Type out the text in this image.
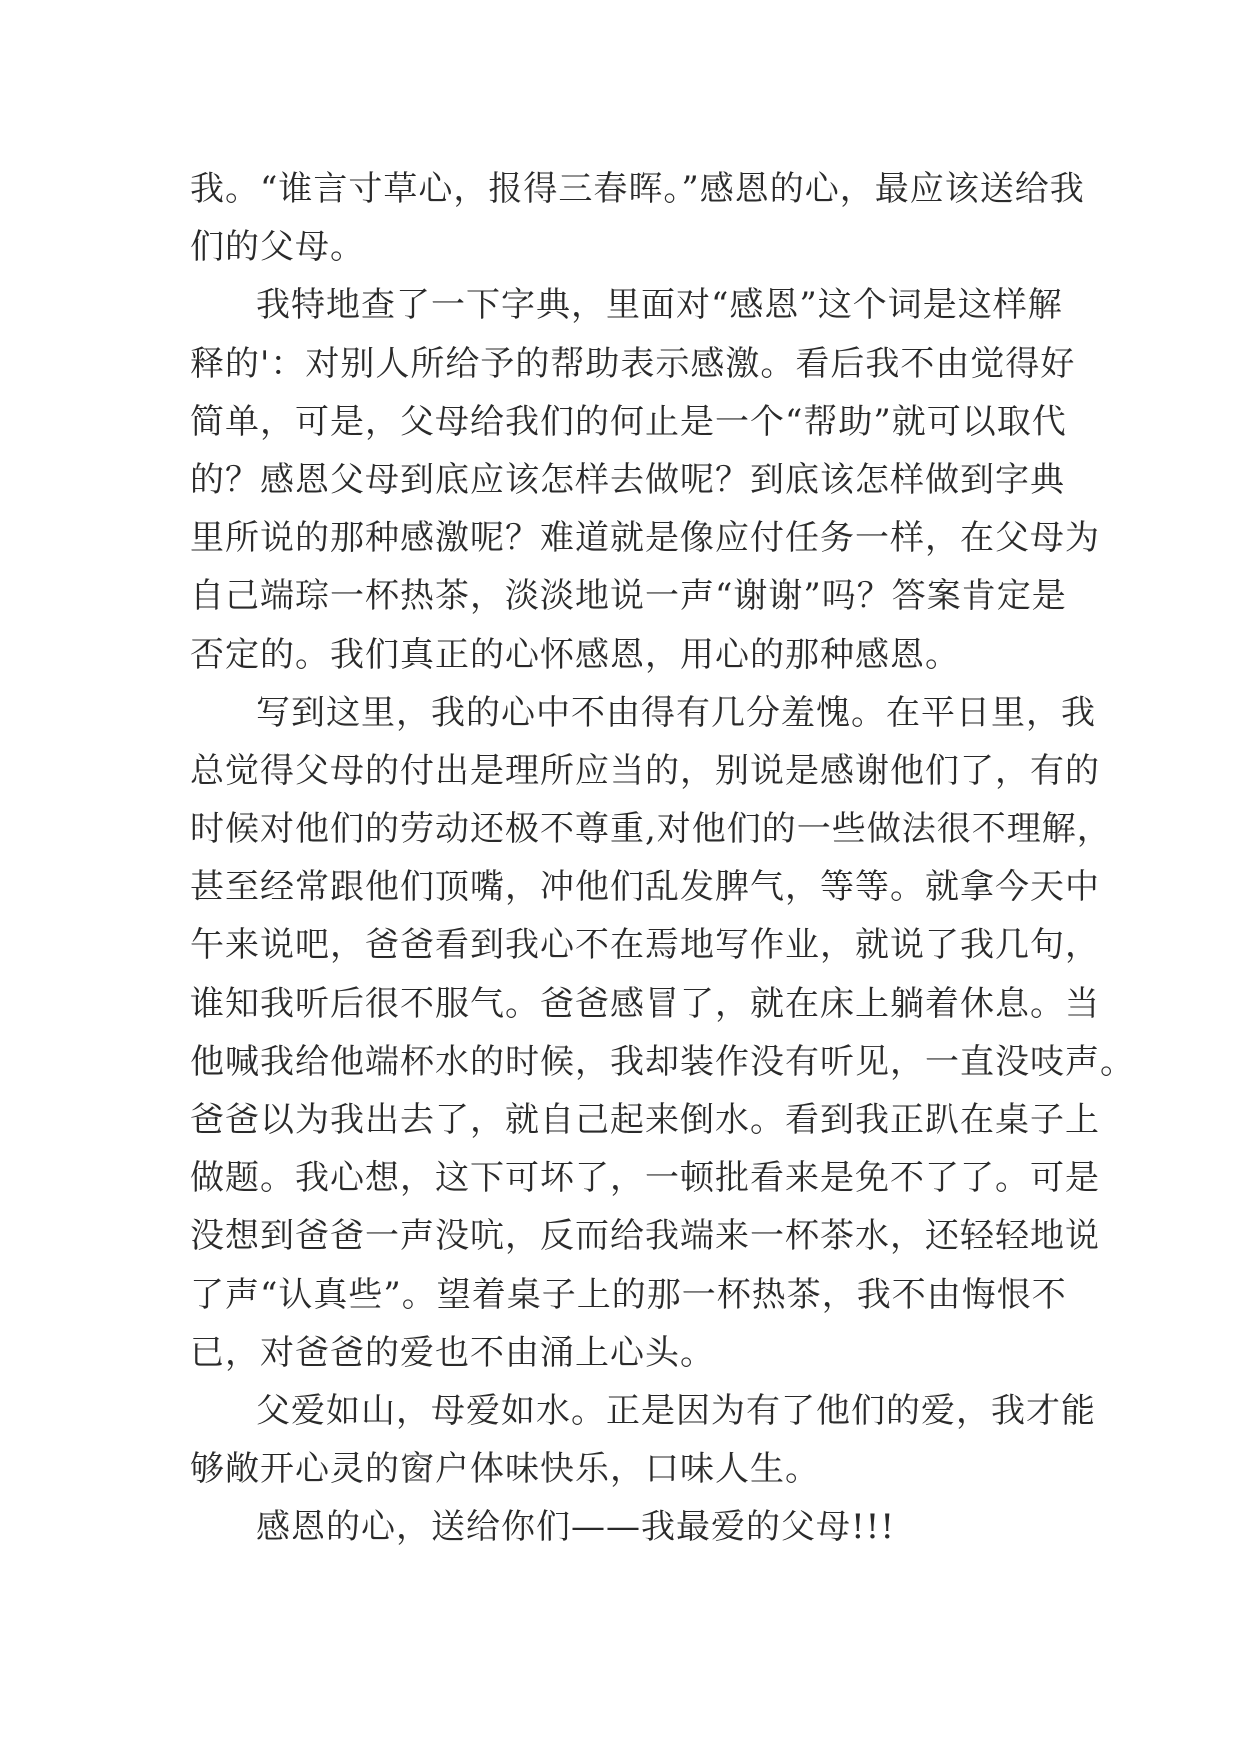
我。“谁言寸草心，报得三春晖。”感恩的心，最应该送给我
们的父母。
我特地查了一下字典，里面对“感恩”这个词是这样解
释的'：对别人所给予的帮助表示感激。看后我不由觉得好
简单，可是，父母给我们的何止是一个“帮助”就可以取代
的？感恩父母到底应该怎样去做呢？到底该怎样做到字典
里所说的那种感激呢？难道就是像应付任务一样，在父母为
自己端琮一杯热茶，淡淡地说一声“谢谢”吗？答案肯定是
否定的。我们真正的心怀感恩，用心的那种感恩。
写到这里，我的心中不由得有几分羞愧。在平日里，我
总觉得父母的付出是理所应当的，别说是感谢他们了，有的
时候对他们的劳动还极不尊重,对他们的一些做法很不理解，
甚至经常跟他们顶嘴，冲他们乱发脾气，等等。就拿今天中
午来说吧，爸爸看到我心不在焉地写作业，就说了我几句，
谁知我听后很不服气。爸爸感冒了，就在床上躺着休息。当
他喊我给他端杯水的时候，我却装作没有听见，一直没吱声。
爸爸以为我出去了，就自己起来倒水。看到我正趴在桌子上
做题。我心想，这下可坏了，一顿批看来是免不了了。可是
没想到爸爸一声没吭，反而给我端来一杯茶水，还轻轻地说
了声“认真些”。望着桌子上的那一杯热茶，我不由悔恨不
已，对爸爸的爱也不由涌上心头。
父爱如山，母爱如水。正是因为有了他们的爱，我才能
够敞开心灵的窗户体味快乐，口味人生。
感恩的心，送给你们——我最爱的父母!!!
